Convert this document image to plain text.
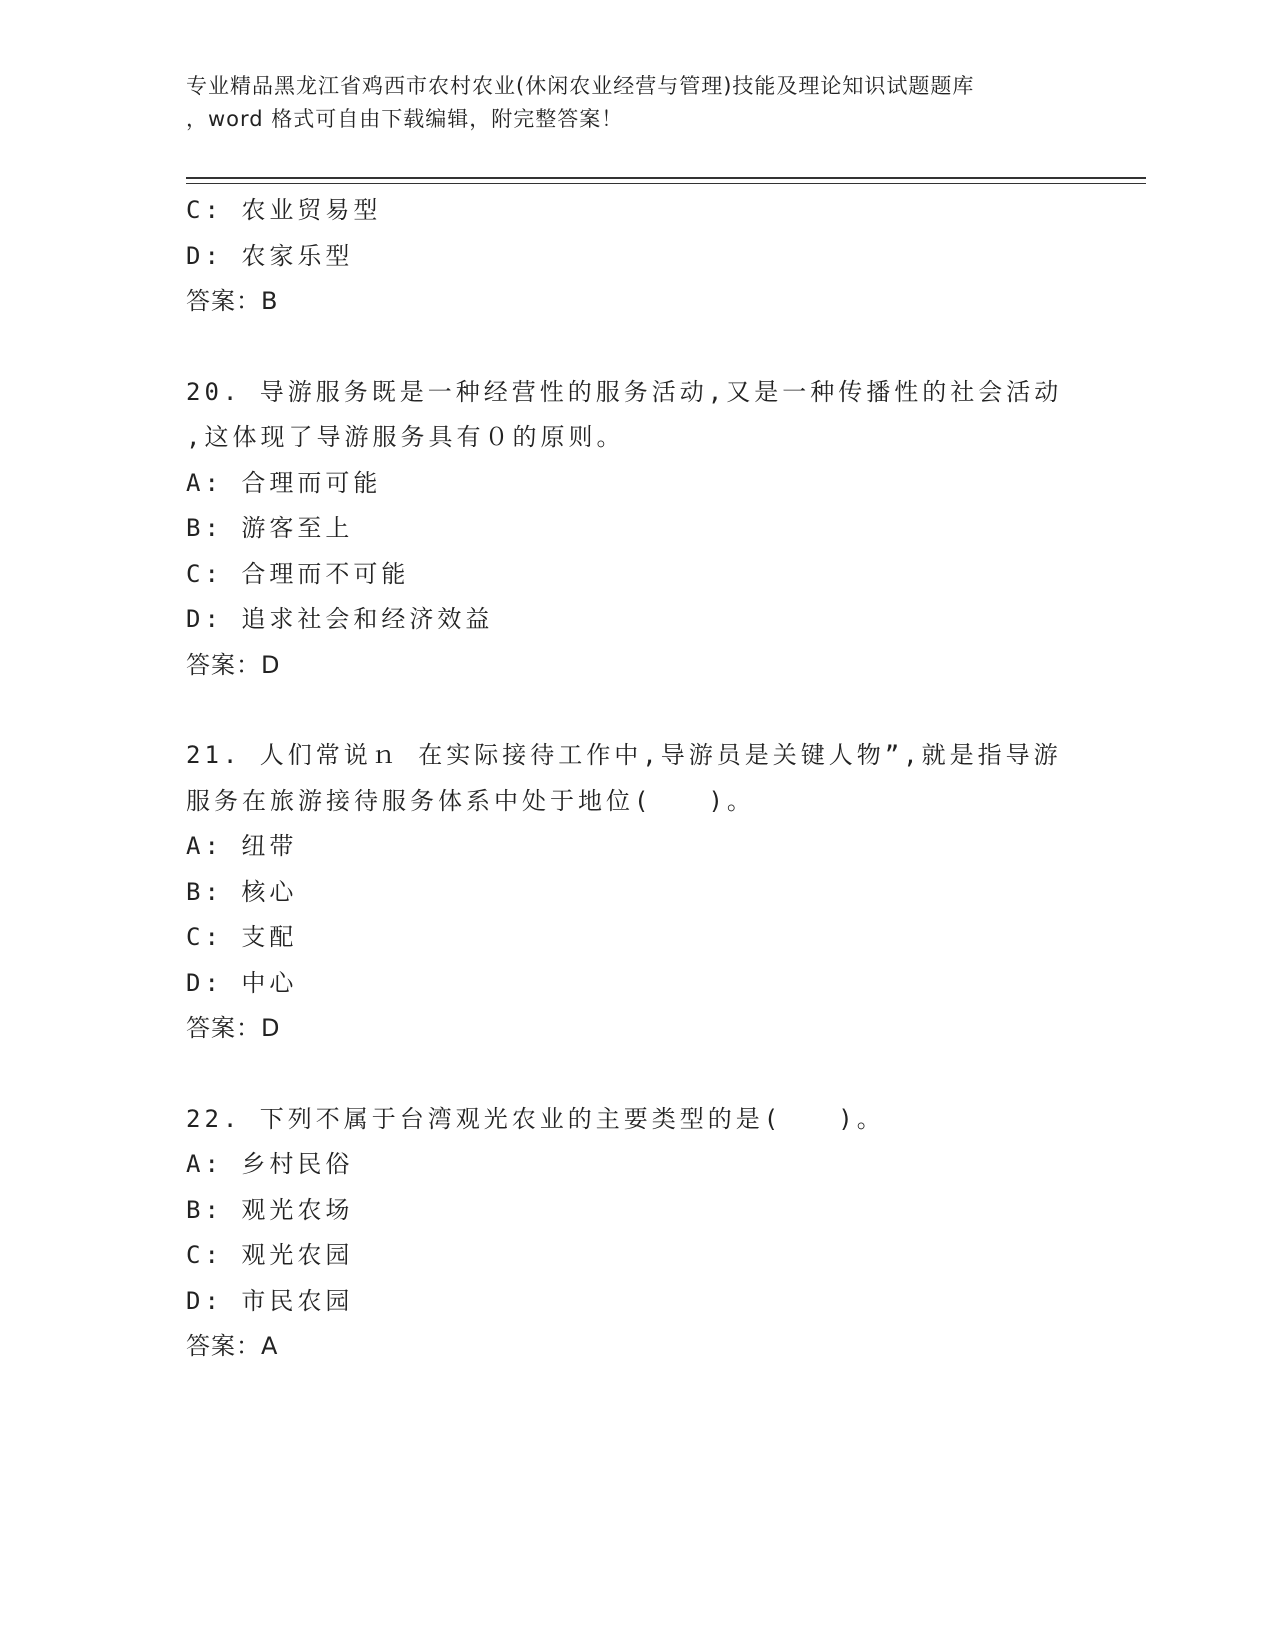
专业精品黑龙江省鸡西市农村农业(休闲农业经营与管理)技能及理论知识试题题库
，word 格式可自由下载编辑，附完整答案！
C: 农业贸易型
D: 农家乐型
答案：B
20. 导游服务既是一种经营性的服务活动,又是一种传播性的社会活动
,这体现了导游服务具有０的原则。
A: 合理而可能
B: 游客至上
C: 合理而不可能
D: 追求社会和经济效益
答案：D
21. 人们常说ｎ 在实际接待工作中,导游员是关键人物”,就是指导游
服务在旅游接待服务体系中处于地位(　　)。
A: 纽带
B: 核心
C: 支配
D: 中心
答案：D
22. 下列不属于台湾观光农业的主要类型的是(　　)。
A: 乡村民俗
B: 观光农场
C: 观光农园
D: 市民农园
答案：A
